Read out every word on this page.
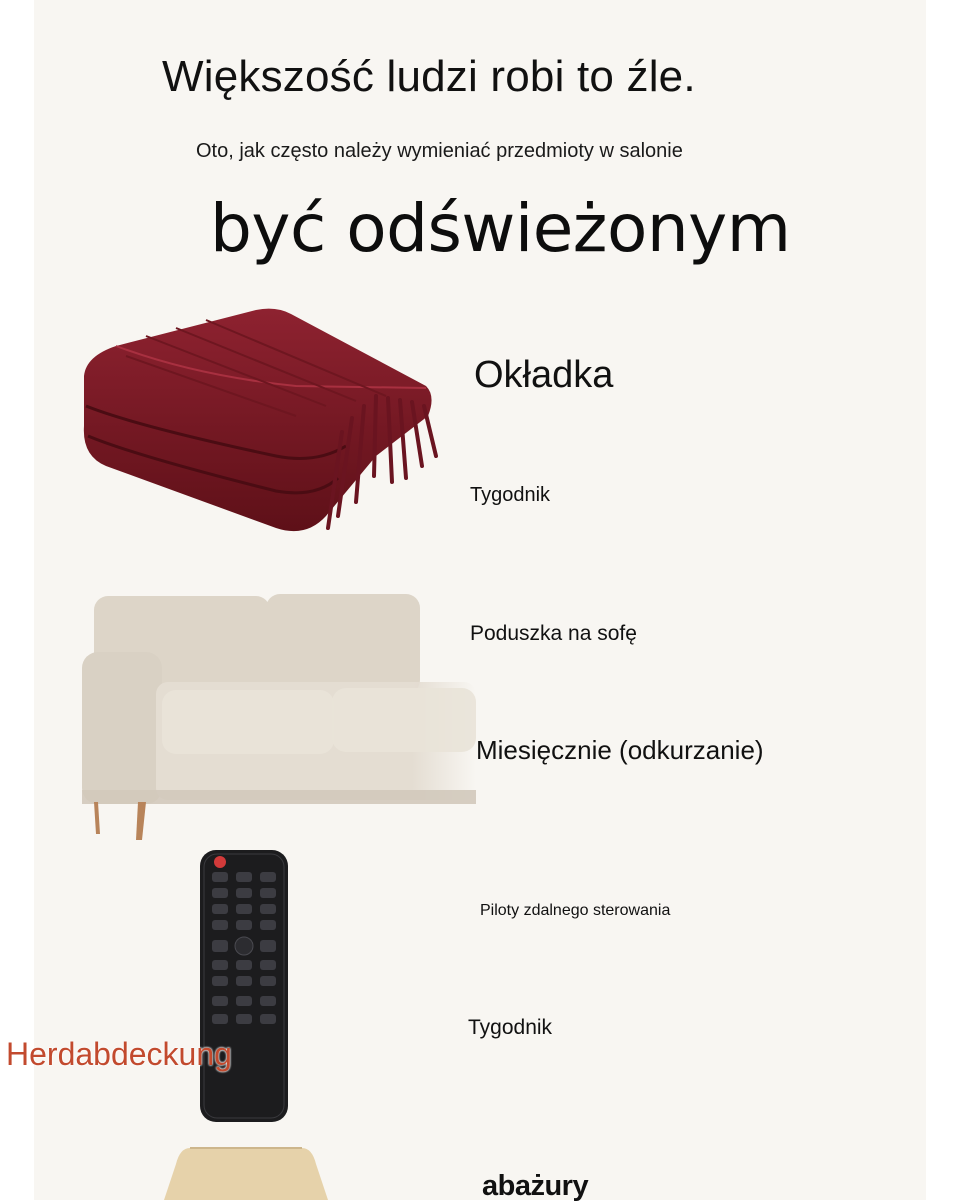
Większość ludzi robi to źle.
Oto, jak często należy wymieniać przedmioty w salonie
być odświeżonym
Okładka
Tygodnik
Poduszka na sofę
Miesięcznie (odkurzanie)
Piloty zdalnego sterowania
Tygodnik
abażury
Herdabdeckung
